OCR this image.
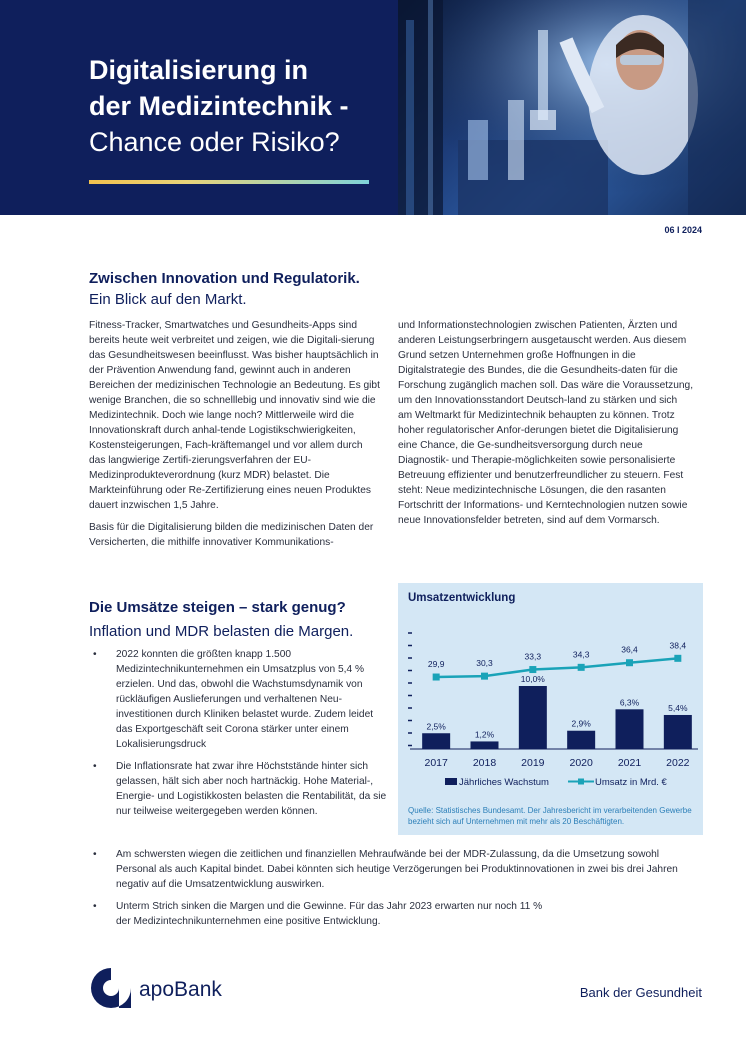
Digitalisierung in
der Medizintechnik -
Chance oder Risiko?
06 I 2024
Zwischen Innovation und Regulatorik.
Ein Blick auf den Markt.

Fitness-Tracker, Smartwatches und Gesundheits-Apps sind bereits heute weit verbreitet und zeigen, wie die Digitali-sierung das Gesundheitswesen beeinflusst. Was bisher hauptsächlich in der Prävention Anwendung fand, gewinnt auch in anderen Bereichen der medizinischen Technologie an Bedeutung. Es gibt wenige Branchen, die so schnelllebig und innovativ sind wie die Medizintechnik. Doch wie lange noch? Mittlerweile wird die Innovationskraft durch anhal-tende Logistikschwierigkeiten, Kostensteigerungen, Fach-kräftemangel und vor allem durch das langwierige Zertifi-zierungsverfahren der EU-Medizinprodukteverordnung (kurz MDR) belastet. Die Markteinführung oder Re-Zertifizierung eines neuen Produktes dauert inzwischen 1,5 Jahre.

Basis für die Digitalisierung bilden die medizinischen Daten der Versicherten, die mithilfe innovativer Kommunikations-

und Informationstechnologien zwischen Patienten, Ärzten und anderen Leistungserbringern ausgetauscht werden. Aus diesem Grund setzen Unternehmen große Hoffnungen in die Digitalstrategie des Bundes, die die Gesundheits-daten für die Forschung zugänglich machen soll. Das wäre die Voraussetzung, um den Innovationsstandort Deutsch-land zu stärken und sich am Weltmarkt für Medizintechnik behaupten zu können. Trotz hoher regulatorischer Anfor-derungen bietet die Digitalisierung eine Chance, die Ge-sundheitsversorgung durch neue Diagnostik- und Therapie-möglichkeiten sowie personalisierte Betreuung effizienter und benutzerfreundlicher zu steuern. Fest steht: Neue medizintechnische Lösungen, die den rasanten Fortschritt der Informations- und Kerntechnologien nutzen sowie neue Innovationsfelder betreten, sind auf dem Vormarsch.

Die Umsätze steigen – stark genug?
Inflation und MDR belasten die Margen.
• 2022 konnten die größten knapp 1.500 Medizintechnikunternehmen ein Umsatzplus von 5,4 % erzielen. Und das, obwohl die Wachstumsdynamik von rückläufigen Auslieferungen und verhaltenen Neu-investitionen durch Kliniken belastet wurde. Zudem leidet das Exportgeschäft seit Corona stärker unter einem Lokalisierungsdruck
• Die Inflationsrate hat zwar ihre Höchststände hinter sich gelassen, hält sich aber noch hartnäckig. Hohe Material-, Energie- und Logistikkosten belasten die Rentabilität, da sie nur teilweise weitergegeben werden können.
• Am schwersten wiegen die zeitlichen und finanziellen Mehraufwände bei der MDR-Zulassung, da die Umsetzung sowohl Personal als auch Kapital bindet. Dabei könnten sich heutige Verzögerungen bei Produktinnovationen in zwei bis drei Jahren negativ auf die Umsatzentwicklung auswirken.
• Unterm Strich sinken die Margen und die Gewinne. Für das Jahr 2023 erwarten nur noch 11 % der Medizintechnikunternehmen eine positive Entwicklung.
Umsatzentwicklung
2,5%
2017
1,2%
2018
10,0%
2019
2,9%
2020
6,3%
2021
5,4%
2022
29,9	30,3
33,3	34,3	36,4	38,4
Jährliches Wachstum	Umsatz in Mrd. €
Quelle: Statistisches Bundesamt. Der Jahresbericht im verarbeitenden Gewerbe bezieht sich auf Unternehmen mit mehr als 20 Beschäftigten.
apoBank	Bank der Gesundheit
